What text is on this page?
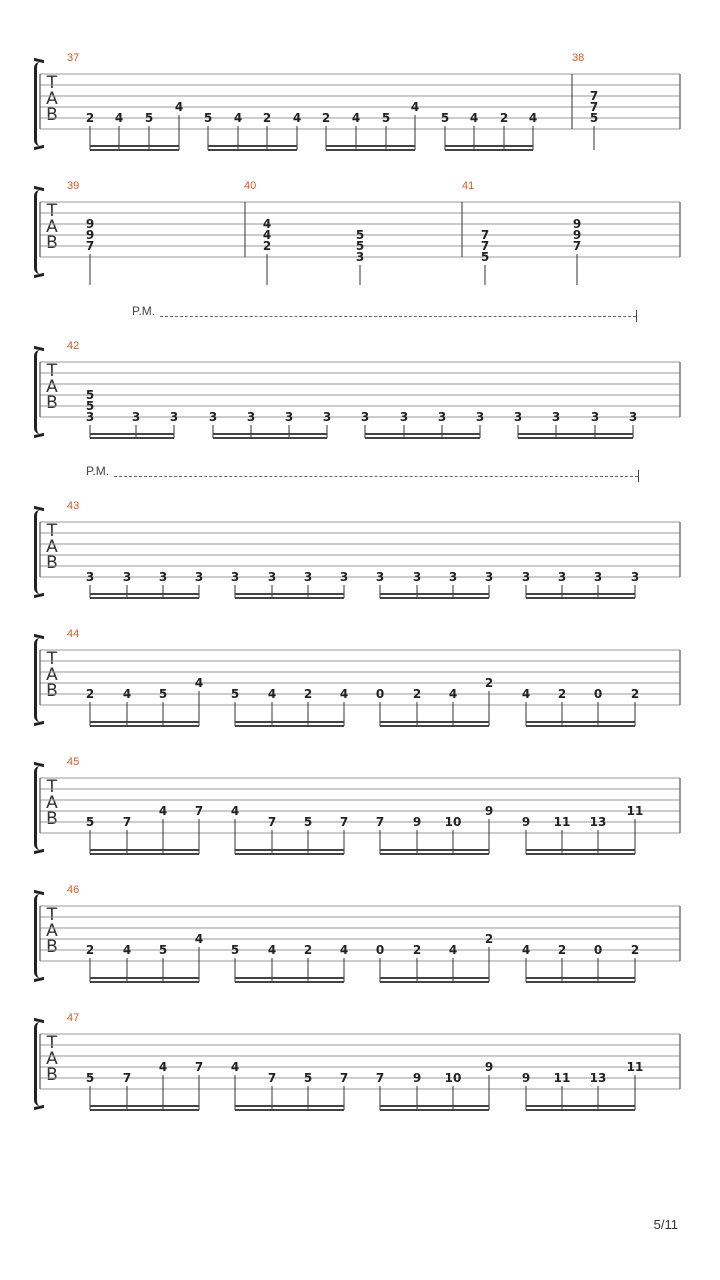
5/11
T
A
B
37	38
2 4 5
4
5 4 2 4 2 4 5
4
5 4 2 4
7
7
5
T
A
B
39	40	41
9
9
7
4
4
2
5
5
3
7
7
5
9
9
7
T
A
B
42
P.M.
5
5
3	3 3	3 3 3 3 3	3 3 3 3 3	3 3
T
A
B
43
P.M.
3 3 3 3 3 3 3 3 3 3 3 3 3 3 3 3
T
A
B
44
2 4 5
4
5 4 2 4 0 2 4
2
4 2 0 2
T
A
B
45
5 7
4 7 4
7 5 7 7 9 10
9
9 11 13
11
T
A
B
46
2 4 5
4
5 4 2 4 0 2 4
2
4 2 0 2
T
A
B
47
5 7
4 7 4
7 5 7 7 9 10
9
9 11 13
11
